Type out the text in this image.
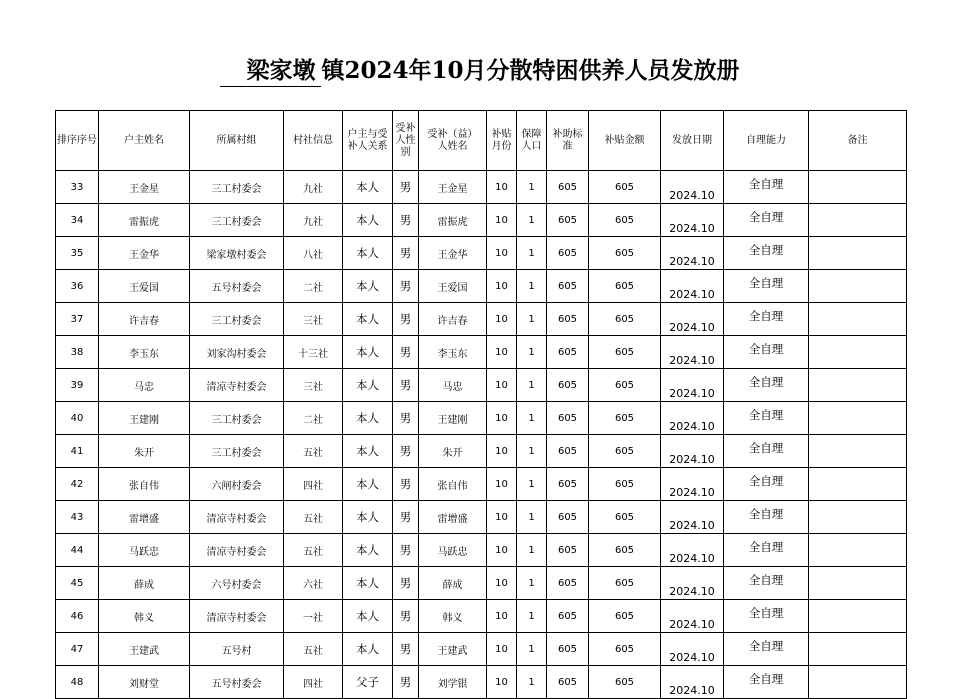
梁家墩 镇2024年10月分散特困供养人员发放册
排序序号	户主姓名	所属村组	村社信息	户主与受补人关系	受补人性别	受补（益）人姓名	补贴月份	保障人口	补助标准	补贴金额	发放日期	自理能力	备注
33	王金星	三工村委会	九社	本人	男	王金星	10	1	605	605	2024.10	全自理	
34	雷振虎	三工村委会	九社	本人	男	雷振虎	10	1	605	605	2024.10	全自理	
35	王金华	梁家墩村委会	八社	本人	男	王金华	10	1	605	605	2024.10	全自理	
36	王爱国	五号村委会	二社	本人	男	王爱国	10	1	605	605	2024.10	全自理	
37	许吉春	三工村委会	三社	本人	男	许吉春	10	1	605	605	2024.10	全自理	
38	李玉东	刘家沟村委会	十三社	本人	男	李玉东	10	1	605	605	2024.10	全自理	
39	马忠	清凉寺村委会	三社	本人	男	马忠	10	1	605	605	2024.10	全自理	
40	王建刚	三工村委会	二社	本人	男	王建刚	10	1	605	605	2024.10	全自理	
41	朱开	三工村委会	五社	本人	男	朱开	10	1	605	605	2024.10	全自理	
42	张自伟	六闸村委会	四社	本人	男	张自伟	10	1	605	605	2024.10	全自理	
43	雷增盛	清凉寺村委会	五社	本人	男	雷增盛	10	1	605	605	2024.10	全自理	
44	马跃忠	清凉寺村委会	五社	本人	男	马跃忠	10	1	605	605	2024.10	全自理	
45	薛成	六号村委会	六社	本人	男	薛成	10	1	605	605	2024.10	全自理	
46	韩义	清凉寺村委会	一社	本人	男	韩义	10	1	605	605	2024.10	全自理	
47	王建武	五号村	五社	本人	男	王建武	10	1	605	605	2024.10	全自理	
48	刘财堂	五号村委会	四社	父子	男	刘学银	10	1	605	605	2024.10	全自理	
